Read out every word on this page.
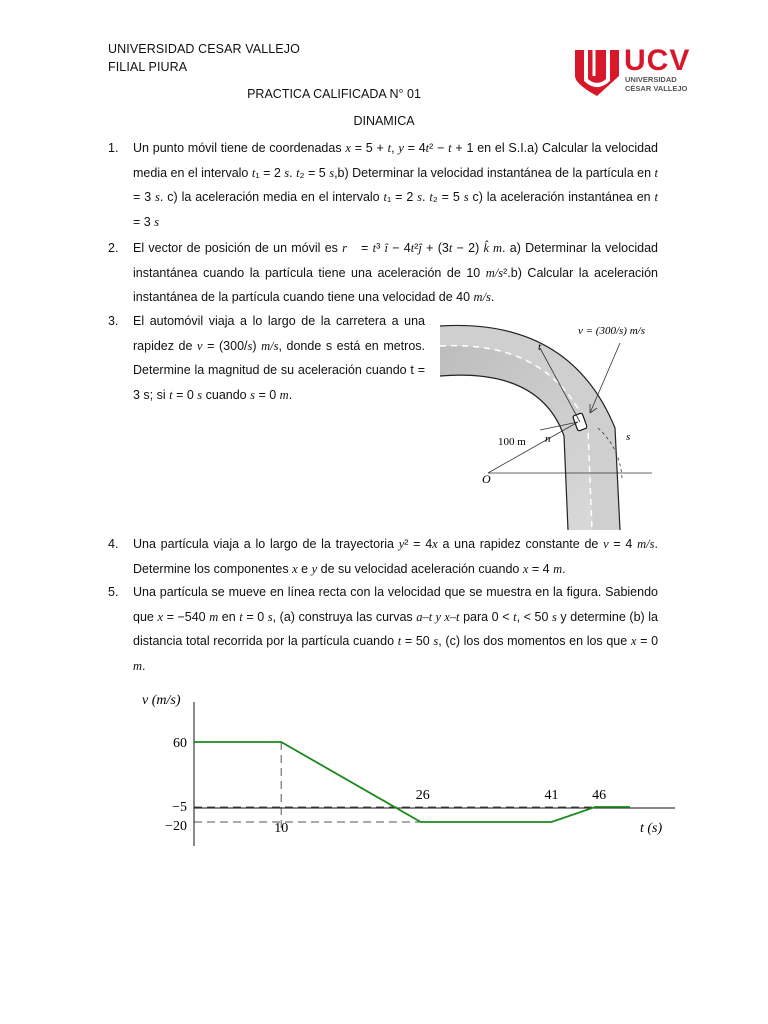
UNIVERSIDAD CESAR VALLEJO
FILIAL PIURA	UCV
UNIVERSIDAD
CÉSAR VALLEJO
PRACTICA CALIFICADA N° 01
DINAMICA
1. Un punto móvil tiene de coordenadas x = 5 + t, y = 4t² − t + 1 en el S.I.a) Calcular la velocidad media en el intervalo t₁ = 2 s. t₂ = 5 s,b) Determinar la velocidad instantánea de la partícula en t = 3 s. c) la aceleración media en el intervalo t₁ = 2 s. t₂ = 5 s c) la aceleración instantánea en t = 3 s
2. El vector de posición de un móvil es r⃗ = t³ î − 4t²ĵ + (3t − 2) k̂ m. a) Determinar la velocidad instantánea cuando la partícula tiene una aceleración de 10 m/s².b) Calcular la aceleración instantánea de la partícula cuando tiene una velocidad de 40 m/s.
3. El automóvil viaja a lo largo de la carretera a una rapidez de v = (300/s) m/s, donde s está en metros. Determine la magnitud de su aceleración cuando t = 3 s; si t = 0 s cuando s = 0 m.
v = (300/s) m/s
t
n	s
100 m
O
4. Una partícula viaja a lo largo de la trayectoria y² = 4x a una rapidez constante de v = 4 m/s. Determine los componentes x e y de su velocidad aceleración cuando x = 4 m.
5. Una partícula se mueve en línea recta con la velocidad que se muestra en la figura. Sabiendo que x = −540 m en t = 0 s, (a) construya las curvas a–t y x–t para 0 < t, < 50 s y determine (b) la distancia total recorrida por la partícula cuando t = 50 s, (c) los dos momentos en los que x = 0 m.
v (m/s)
t (s)
60
−5
−20	10
26	41 46
